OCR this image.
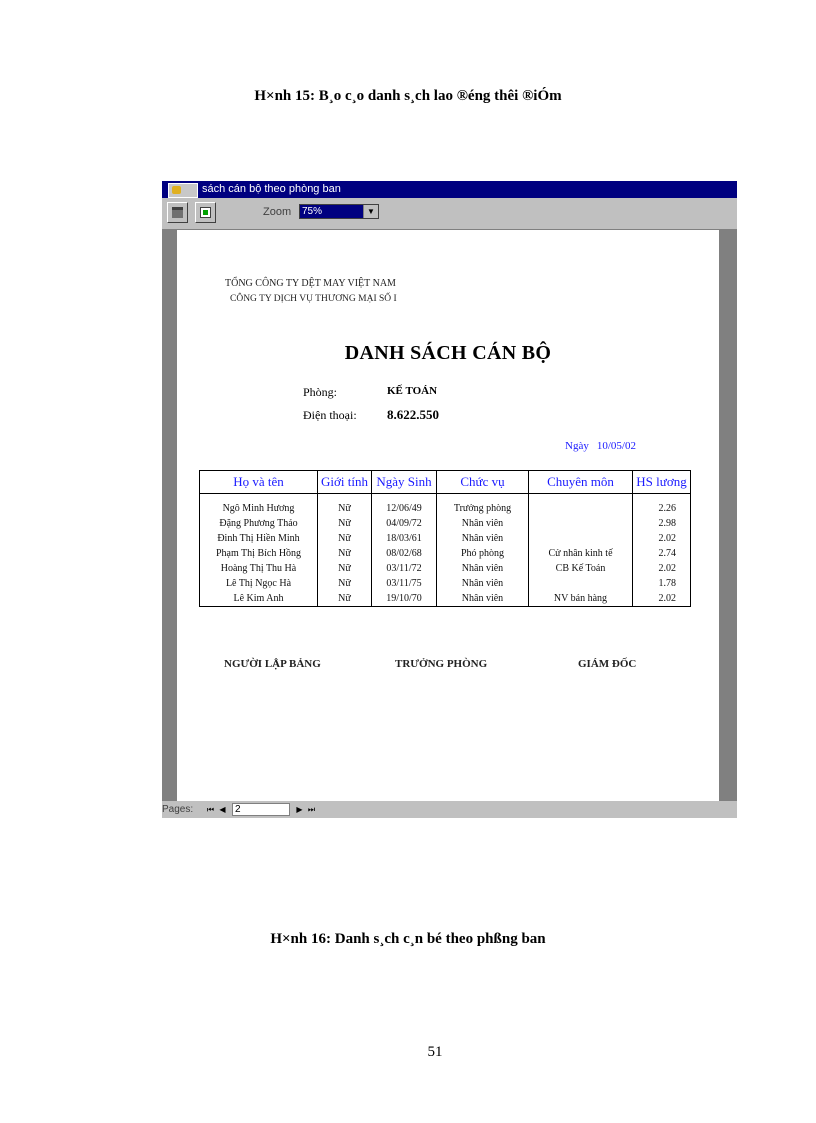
H×nh 15: B¸o c¸o danh s¸ch lao ®éng thêi ®iÓm
sách cán bộ theo phòng ban
Zoom 75%	▼
TỔNG CÔNG TY DỆT MAY VIỆT NAM
CÔNG TY DỊCH VỤ THƯƠNG MẠI SỐ I
DANH SÁCH CÁN BỘ
Phòng:	KẾ TOÁN
Điện thoại: 8.622.550
Ngày 10/05/02
Họ và tên	Giới tính	Ngày Sinh	Chức vụ	Chuyên môn	HS lương

Ngô Minh Hương	Nữ	12/06/49	Trưởng phòng		2.26
Đặng Phương Thảo	Nữ	04/09/72	Nhân viên		2.98
Đinh Thị Hiền Minh	Nữ	18/03/61	Nhân viên		2.02
Phạm Thị Bích Hồng	Nữ	08/02/68	Phó phòng	Cử nhân kinh tế	2.74
Hoàng Thị Thu Hà	Nữ	03/11/72	Nhân viên	CB Kế Toán	2.02
Lê Thị Ngọc Hà	Nữ	03/11/75	Nhân viên		1.78
Lê Kim Anh	Nữ	19/10/70	Nhân viên	NV bán hàng	2.02
NGƯỜI LẬP BẢNG	TRƯỞNG PHÒNG	GIÁM ĐỐC
Pages: ⏮ ◀ 2	▶ ⏭
H×nh 16: Danh s¸ch c¸n bé theo phßng ban
51
